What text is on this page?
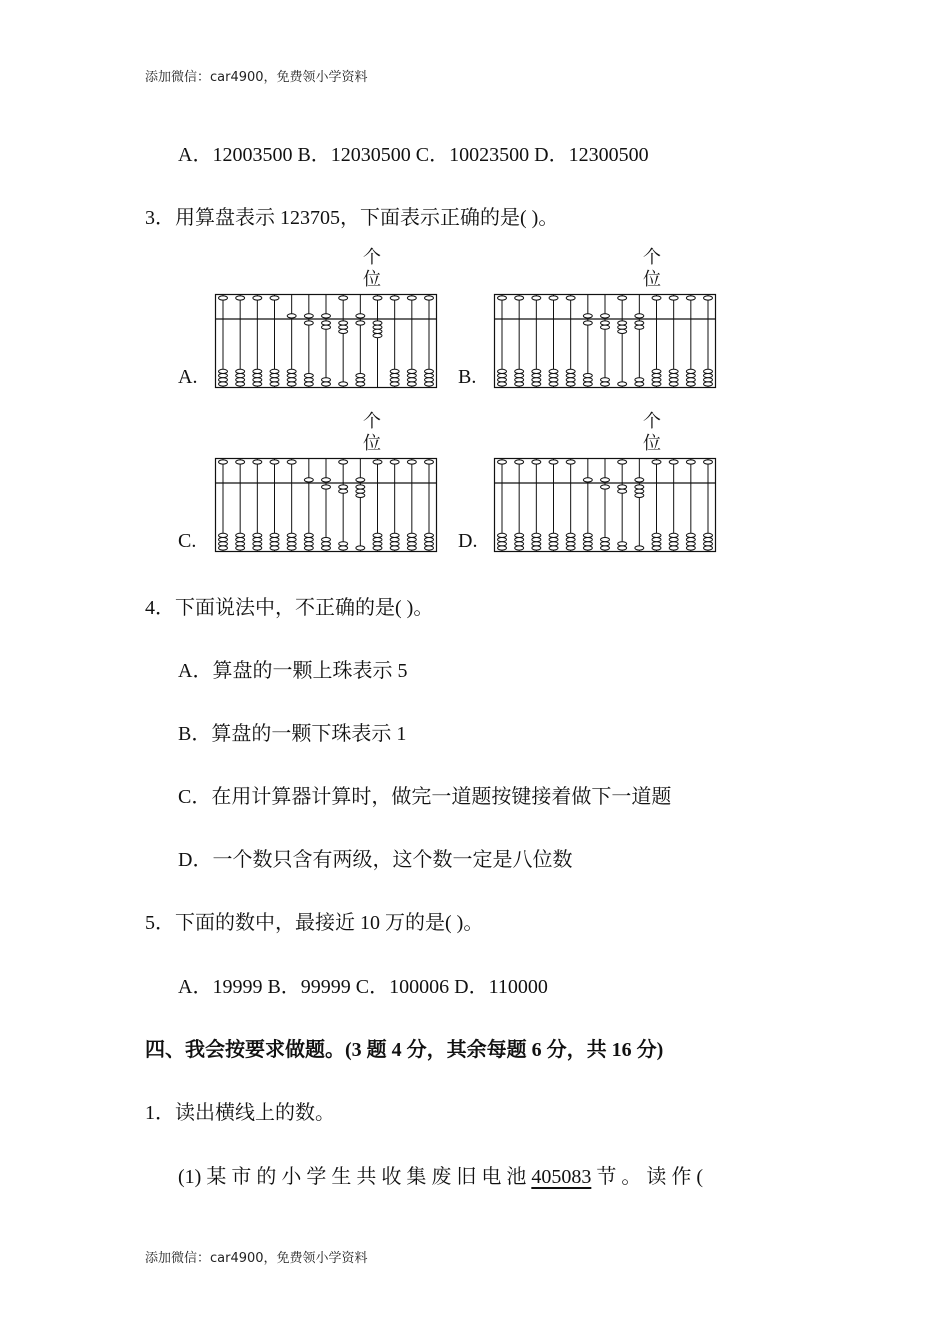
添加微信：car4900，免费领小学资料
A．12003500 B．12030500 C．10023500 D．12300500
3．用算盘表示 123705，下面表示正确的是( )。
个
位
A.
个
位
B.
个
位
C.
个
位
D.
4．下面说法中，不正确的是( )。
A．算盘的一颗上珠表示 5
B．算盘的一颗下珠表示 1
C．在用计算器计算时，做完一道题按键接着做下一道题
D．一个数只含有两级，这个数一定是八位数
5．下面的数中，最接近 10 万的是( )。
A．19999 B．99999 C．100006 D．110000
四、我会按要求做题。(3 题 4 分，其余每题 6 分，共 16 分)
1．读出横线上的数。
(1) 某 市 的 小 学 生 共 收 集 废 旧 电 池 405083 节 。 读 作 (
添加微信：car4900，免费领小学资料
